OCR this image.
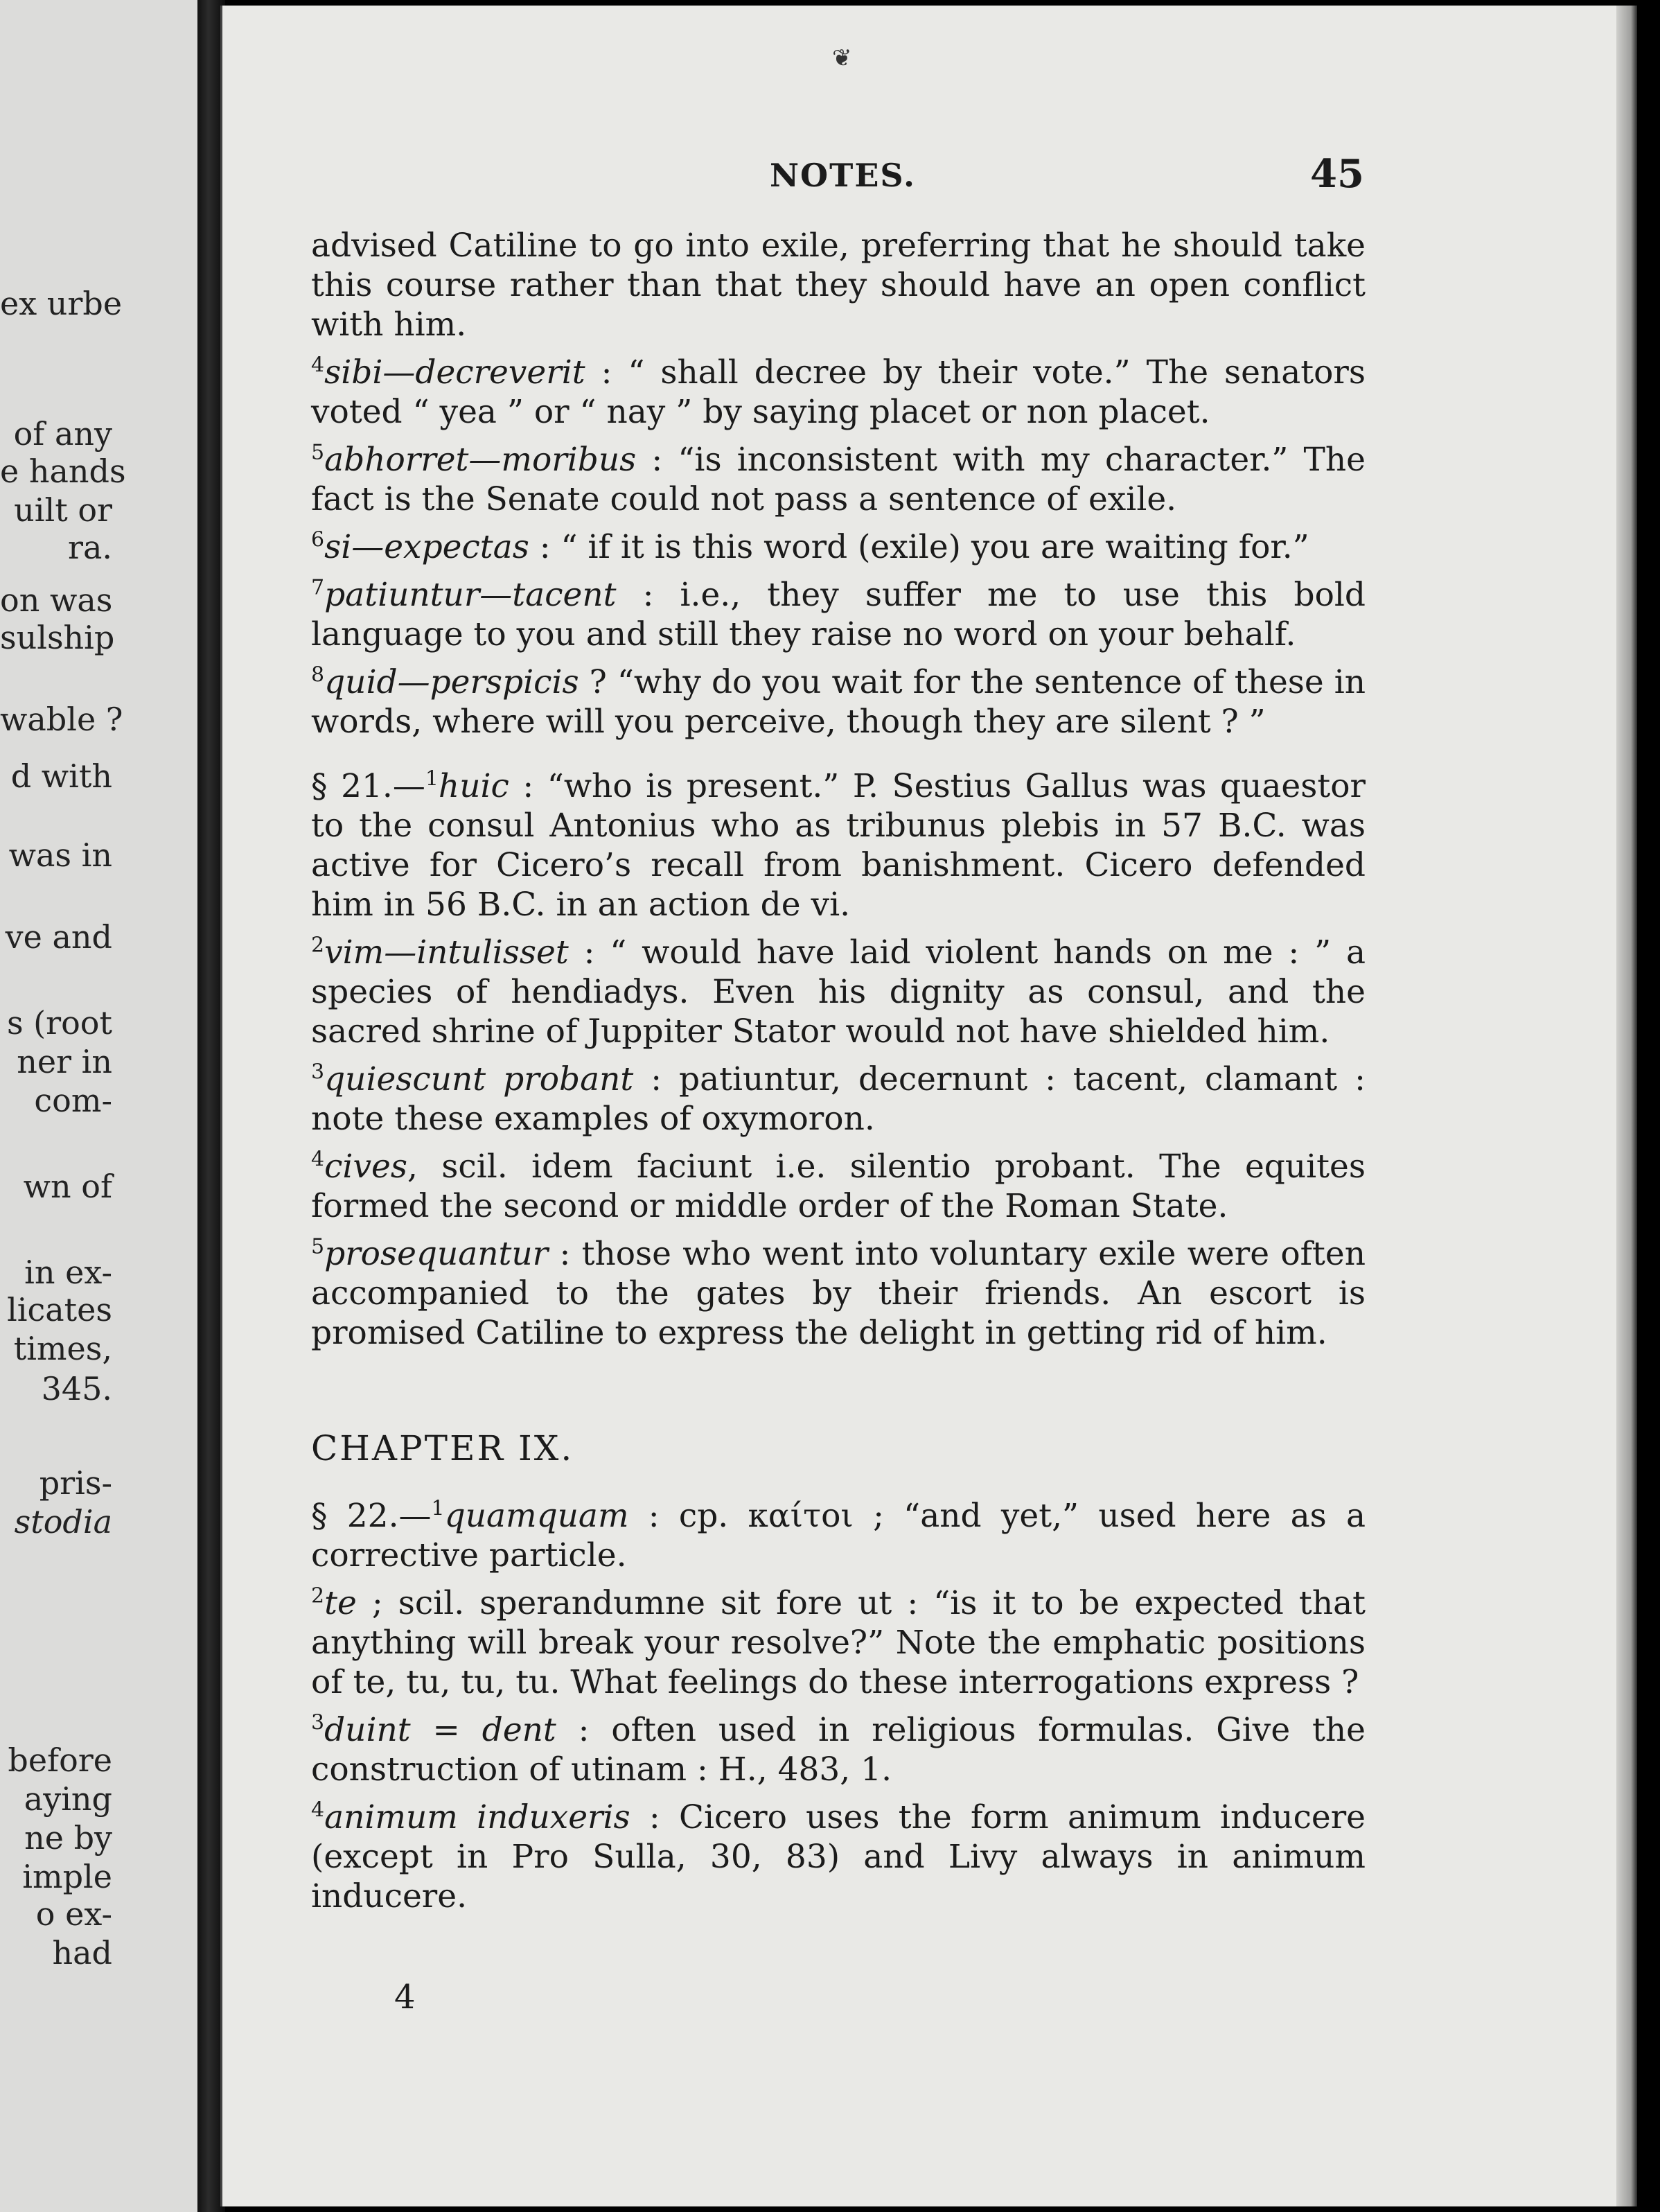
ex urbe
of any
e hands
uilt or
ra.
on was
sulship
wable ?
d with
was in
ve and
s (root
ner in
com-
wn of
in ex-
licates
times,
345.
pris-
stodia
before
aying
ne by
imple
o ex-
had
NOTES.	45
❦

advised Catiline to go into exile, preferring that he should take this course rather than that they should have an open conflict with him.

$^4$sibi—decreverit : “ shall decree by their vote.” The senators voted “ yea ” or “ nay ” by saying placet or non placet.

$^5$abhorret—moribus : “is inconsistent with my character.” The fact is the Senate could not pass a sentence of exile.

$^6$si—expectas : “ if it is this word (exile) you are waiting for.”

$^7$patiuntur—tacent : i.e., they suffer me to use this bold language to you and still they raise no word on your behalf.

$^8$quid—perspicis ? “why do you wait for the sentence of these in words, where will you perceive, though they are silent ? ”

§ 21.—$^1$huic : “who is present.” P. Sestius Gallus was quaestor to the consul Antonius who as tribunus plebis in 57 B.C. was active for Cicero’s recall from banishment. Cicero defended him in 56 B.C. in an action de vi.

$^2$vim—intulisset : “ would have laid violent hands on me : ” a species of hendiadys. Even his dignity as consul, and the sacred shrine of Juppiter Stator would not have shielded him.

$^3$quiescunt probant : patiuntur, decernunt : tacent, clamant : note these examples of oxymoron.

$^4$cives, scil. idem faciunt i.e. silentio probant. The equites formed the second or middle order of the Roman State.

$^5$prosequantur : those who went into voluntary exile were often accompanied to the gates by their friends. An escort is promised Catiline to express the delight in getting rid of him.

CHAPTER IX.

§ 22.—$^1$quamquam : cp. καίτοι ; “and yet,” used here as a corrective particle.

$^2$te ; scil. sperandumne sit fore ut : “is it to be expected that anything will break your resolve?” Note the emphatic positions of te, tu, tu, tu. What feelings do these interrogations express ?

$^3$duint = dent : often used in religious formulas. Give the construction of utinam : H., 483, 1.

$^4$animum induxeris : Cicero uses the form animum inducere (except in Pro Sulla, 30, 83) and Livy always in animum inducere.

4
